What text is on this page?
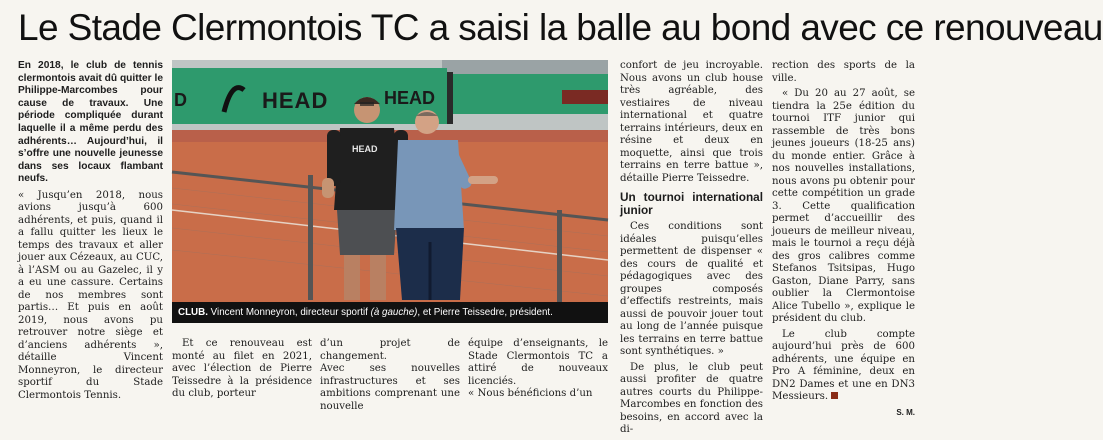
Le Stade Clermontois TC a saisi la balle au bond avec ce renouveau
En 2018, le club de tennis clermontois avait dû quitter le Philippe-Marcombes pour cause de travaux. Une période compliquée durant laquelle il a même perdu des adhérents… Aujourd’hui, il s’offre une nouvelle jeunesse dans ses locaux flambant neufs.

« Jusqu’en 2018, nous avions jusqu’à 600 adhérents, et puis, quand il a fallu quitter les lieux le temps des travaux et aller jouer aux Cézeaux, au CUC, à l’ASM ou au Gazelec, il y a eu une cassure. Certains de nos membres sont partis… Et puis en août 2019, nous avons pu retrouver notre siège et d’anciens adhérents », détaille Vincent Monneyron, le directeur sportif du Stade Clermontois Tennis.

D	HEAD	HEAD
HEAD
CLUB. Vincent Monneyron, directeur sportif (à gauche), et Pierre Teissedre, président.

Et ce renouveau est monté au filet en 2021, avec l’élection de Pierre Teissedre à la présidence du club, porteur

d’un projet de changement.
Avec ses nouvelles infrastructures et ses ambitions comprenant une nouvelle

équipe d’enseignants, le Stade Clermontois TC a attiré de nouveaux licenciés.
« Nous bénéficions d’un

confort de jeu incroyable. Nous avons un club house très agréable, des vestiaires de niveau international et quatre terrains intérieurs, deux en résine et deux en moquette, ainsi que trois terrains en terre battue », détaille Pierre Teissedre.

Un tournoi international junior

Ces conditions sont idéales puisqu’elles permettent de dispenser « des cours de qualité et pédagogiques avec des groupes composés d’effectifs restreints, mais aussi de pouvoir jouer tout au long de l’année puisque les terrains en terre battue sont synthétiques. »

De plus, le club peut aussi profiter de quatre autres courts du Philippe-Marcombes en fonction des besoins, en accord avec la di-

rection des sports de la ville.

« Du 20 au 27 août, se tiendra la 25e édition du tournoi ITF junior qui rassemble de très bons jeunes joueurs (18-25 ans) du monde entier. Grâce à nos nouvelles installations, nous avons pu obtenir pour cette compétition un grade 3. Cette qualification permet d’accueillir des joueurs de meilleur niveau, mais le tournoi a reçu déjà des gros calibres comme Stefanos Tsitsipas, Hugo Gaston, Diane Parry, sans oublier la Clermontoise Alice Tubello », explique le président du club.

Le club compte aujourd’hui près de 600 adhérents, une équipe en Pro A féminine, deux en DN2 Dames et une en DN3 Messieurs.

S. M.
